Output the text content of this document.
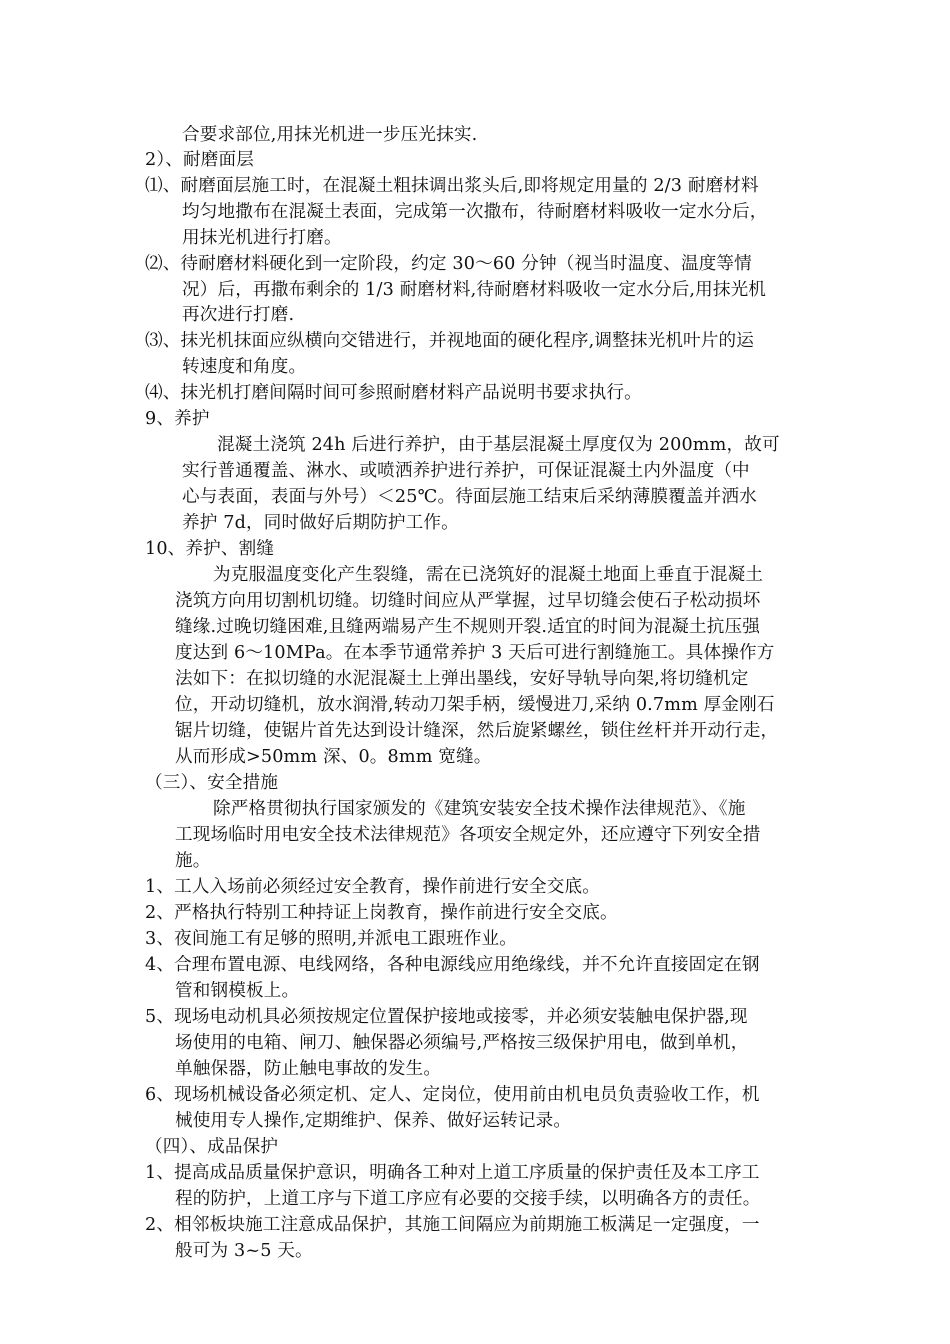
合要求部位,用抹光机进一步压光抹实.
2）、耐磨面层
⑴、耐磨面层施工时，在混凝土粗抹调出浆头后,即将规定用量的 2/3 耐磨材料
均匀地撒布在混凝土表面，完成第一次撒布，待耐磨材料吸收一定水分后，
用抹光机进行打磨。
⑵、待耐磨材料硬化到一定阶段，约定 30～60 分钟（视当时温度、温度等情
况）后，再撒布剩余的 1/3 耐磨材料,待耐磨材料吸收一定水分后,用抹光机
再次进行打磨.
⑶、抹光机抹面应纵横向交错进行，并视地面的硬化程序,调整抹光机叶片的运
转速度和角度。
⑷、抹光机打磨间隔时间可参照耐磨材料产品说明书要求执行。
9、养护
混凝土浇筑 24h 后进行养护，由于基层混凝土厚度仅为 200mm，故可
实行普通覆盖、淋水、或喷洒养护进行养护，可保证混凝土内外温度（中
心与表面，表面与外号）＜25℃。待面层施工结束后采纳薄膜覆盖并洒水
养护 7d，同时做好后期防护工作。
10、养护、割缝
为克服温度变化产生裂缝，需在已浇筑好的混凝土地面上垂直于混凝土
浇筑方向用切割机切缝。切缝时间应从严掌握，过早切缝会使石子松动损坏
缝缘.过晚切缝困难,且缝两端易产生不规则开裂.适宜的时间为混凝土抗压强
度达到 6～10MPa。在本季节通常养护 3 天后可进行割缝施工。具体操作方
法如下：在拟切缝的水泥混凝土上弹出墨线，安好导轨导向架,将切缝机定
位，开动切缝机，放水润滑,转动刀架手柄，缓慢进刀,采纳 0.7mm 厚金刚石
锯片切缝，使锯片首先达到设计缝深，然后旋紧螺丝，锁住丝杆并开动行走，
从而形成>50mm 深、0。8mm 宽缝。
（三）、安全措施
除严格贯彻执行国家颁发的《建筑安装安全技术操作法律规范》、《施
工现场临时用电安全技术法律规范》各项安全规定外，还应遵守下列安全措
施。
1、工人入场前必须经过安全教育，操作前进行安全交底。
2、严格执行特别工种持证上岗教育，操作前进行安全交底。
3、夜间施工有足够的照明,并派电工跟班作业。
4、合理布置电源、电线网络，各种电源线应用绝缘线，并不允许直接固定在钢
管和钢模板上。
5、现场电动机具必须按规定位置保护接地或接零，并必须安装触电保护器,现
场使用的电箱、闸刀、触保器必须编号,严格按三级保护用电，做到单机，
单触保器，防止触电事故的发生。
6、现场机械设备必须定机、定人、定岗位，使用前由机电员负责验收工作，机
械使用专人操作,定期维护、保养、做好运转记录。
（四）、成品保护
1、提高成品质量保护意识，明确各工种对上道工序质量的保护责任及本工序工
程的防护，上道工序与下道工序应有必要的交接手续，以明确各方的责任。
2、相邻板块施工注意成品保护，其施工间隔应为前期施工板满足一定强度，一
般可为 3~5 天。
